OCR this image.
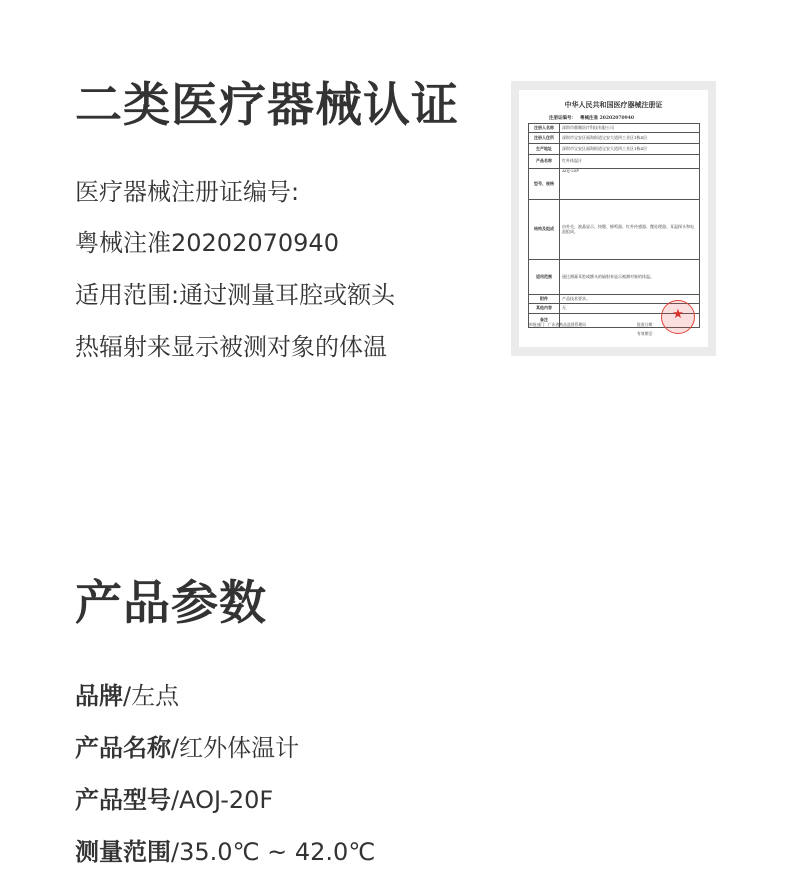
二类医疗器械认证
医疗器械注册证编号:
粤械注准20202070940
适用范围:通过测量耳腔或额头
热辐射来显示被测对象的体温
中华人民共和国医疗器械注册证
注册证编号： 粤械注准 20202070940
注册人名称	深圳市鼎顺医疗科技有限公司
注册人住所	深圳市宝安区福海街道宝安大道四工业区1栋4层
生产地址	深圳市宝安区福海街道宝安大道四工业区1栋4层
产品名称	红外体温计
型号、规格	AOJ-20F
结构及组成	由外壳、液晶显示、按键、蜂鸣器、红外传感器、微处理器、耳温探头和电池组成。
适用范围	通过测量耳腔或额头的辐射来显示被测对象的体温。
附件	产品技术要求。
其他内容	无
备注	
审批部门：广东省药品监督管理局	批准日期：
有效期至：
★
产品参数
品牌/左点
产品名称/红外体温计
产品型号/AOJ-20F
测量范围/35.0℃ ~ 42.0℃
